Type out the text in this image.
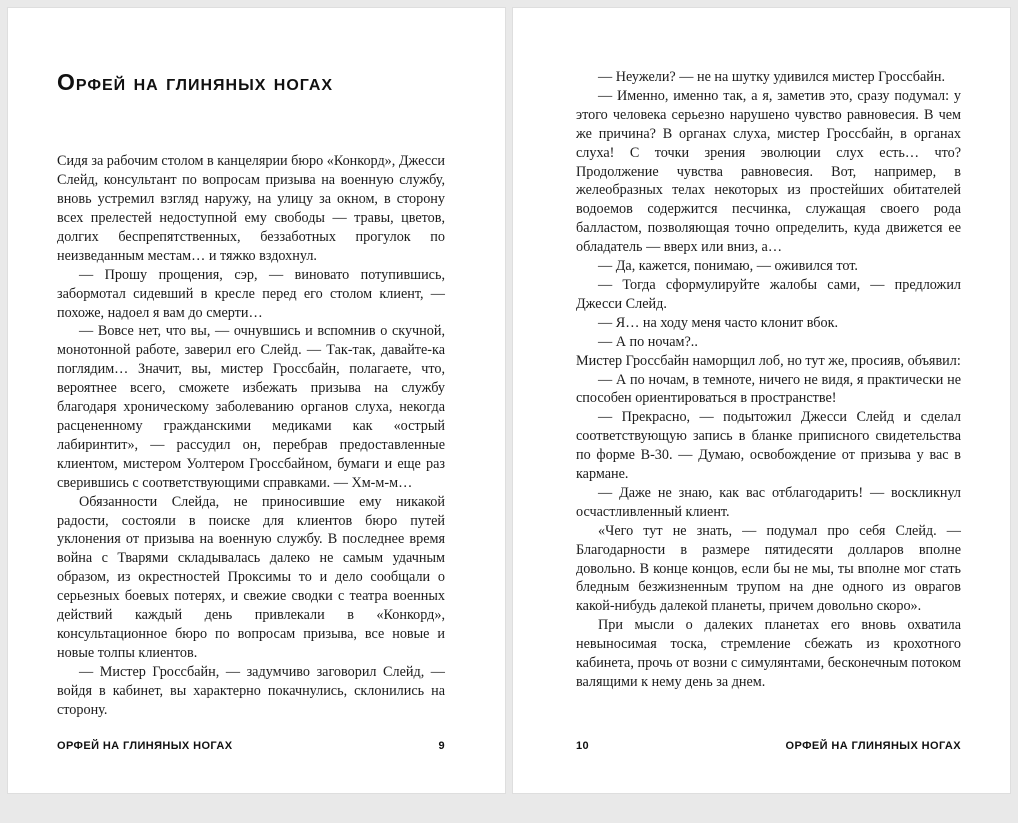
Орфей на глиняных ногах

Сидя за рабочим столом в канцелярии бюро «Конкорд», Джесси Слейд, консультант по вопросам призыва на военную службу, вновь устремил взгляд наружу, на улицу за окном, в сторону всех прелестей недоступной ему свободы — травы, цветов, долгих беспрепятственных, беззаботных прогулок по неизведанным местам… и тяжко вздохнул.

— Прошу прощения, сэр, — виновато потупившись, забормотал сидевший в кресле перед его столом клиент, — похоже, надоел я вам до смерти…

— Вовсе нет, что вы, — очнувшись и вспомнив о скучной, монотонной работе, заверил его Слейд. — Так-так, давайте-ка поглядим… Значит, вы, мистер Гроссбайн, полагаете, что, вероятнее всего, сможете избежать призыва на службу благодаря хроническому заболеванию органов слуха, некогда расцененному гражданскими медиками как «острый лабиринтит», — рассудил он, перебрав предоставленные клиентом, мистером Уолтером Гроссбайном, бумаги и еще раз сверившись с соответствующими справками. — Хм-м-м…

Обязанности Слейда, не приносившие ему никакой радости, состояли в поиске для клиентов бюро путей уклонения от призыва на военную службу. В последнее время война с Тварями складывалась далеко не самым удачным образом, из окрестностей Проксимы то и дело сообщали о серьезных боевых потерях, и свежие сводки с театра военных действий каждый день привлекали в «Конкорд», консультационное бюро по вопросам призыва, все новые и новые толпы клиентов.

— Мистер Гроссбайн, — задумчиво заговорил Слейд, — войдя в кабинет, вы характерно покачнулись, склонились на сторону.

ОРФЕЙ НА ГЛИНЯНЫХ НОГАХ	9

— Неужели? — не на шутку удивился мистер Гроссбайн.

— Именно, именно так, а я, заметив это, сразу подумал: у этого человека серьезно нарушено чувство равновесия. В чем же причина? В органах слуха, мистер Гроссбайн, в органах слуха! С точки зрения эволюции слух есть… что? Продолжение чувства равновесия. Вот, например, в желеобразных телах некоторых из простейших обитателей водоемов содержится песчинка, служащая своего рода балластом, позволяющая точно определить, куда движется ее обладатель — вверх или вниз, а…

— Да, кажется, понимаю, — оживился тот.

— Тогда сформулируйте жалобы сами, — предложил Джесси Слейд.

— Я… на ходу меня часто клонит вбок.

— А по ночам?..

Мистер Гроссбайн наморщил лоб, но тут же, просияв, объявил:

— А по ночам, в темноте, ничего не видя, я практически не способен ориентироваться в пространстве!

— Прекрасно, — подытожил Джесси Слейд и сделал соответствующую запись в бланке приписного свидетельства по форме В-30. — Думаю, освобождение от призыва у вас в кармане.

— Даже не знаю, как вас отблагодарить! — воскликнул осчастливленный клиент.

«Чего тут не знать, — подумал про себя Слейд. — Благодарности в размере пятидесяти долларов вполне довольно. В конце концов, если бы не мы, ты вполне мог стать бледным безжизненным трупом на дне одного из оврагов какой-нибудь далекой планеты, причем довольно скоро».

При мысли о далеких планетах его вновь охватила невыносимая тоска, стремление сбежать из крохотного кабинета, прочь от возни с симулянтами, бесконечным потоком валящими к нему день за днем.

10	ОРФЕЙ НА ГЛИНЯНЫХ НОГАХ
